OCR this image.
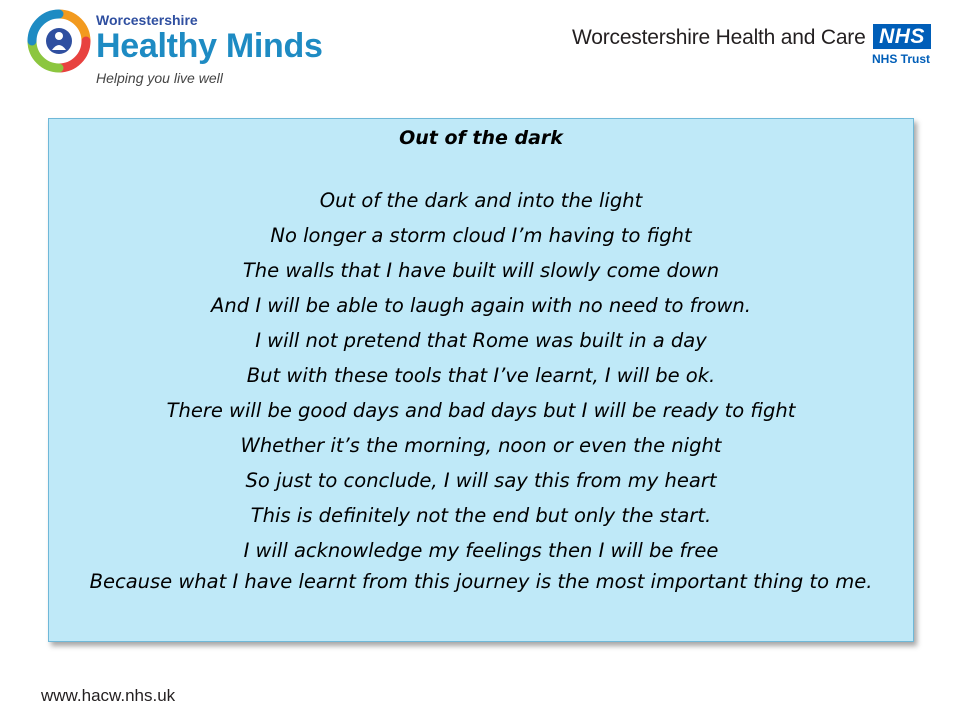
Worcestershire
Healthy Minds
Helping you live well
Worcestershire Health and Care NHS
NHS Trust
Out of the dark
Out of the dark and into the light
No longer a storm cloud I’m having to fight
The walls that I have built will slowly come down
And I will be able to laugh again with no need to frown.
I will not pretend that Rome was built in a day
But with these tools that I’ve learnt, I will be ok.
There will be good days and bad days but I will be ready to fight
Whether it’s the morning, noon or even the night
So just to conclude, I will say this from my heart
This is definitely not the end but only the start.
I will acknowledge my feelings then I will be free
Because what I have learnt from this journey is the most important thing to me.
www.hacw.nhs.uk
